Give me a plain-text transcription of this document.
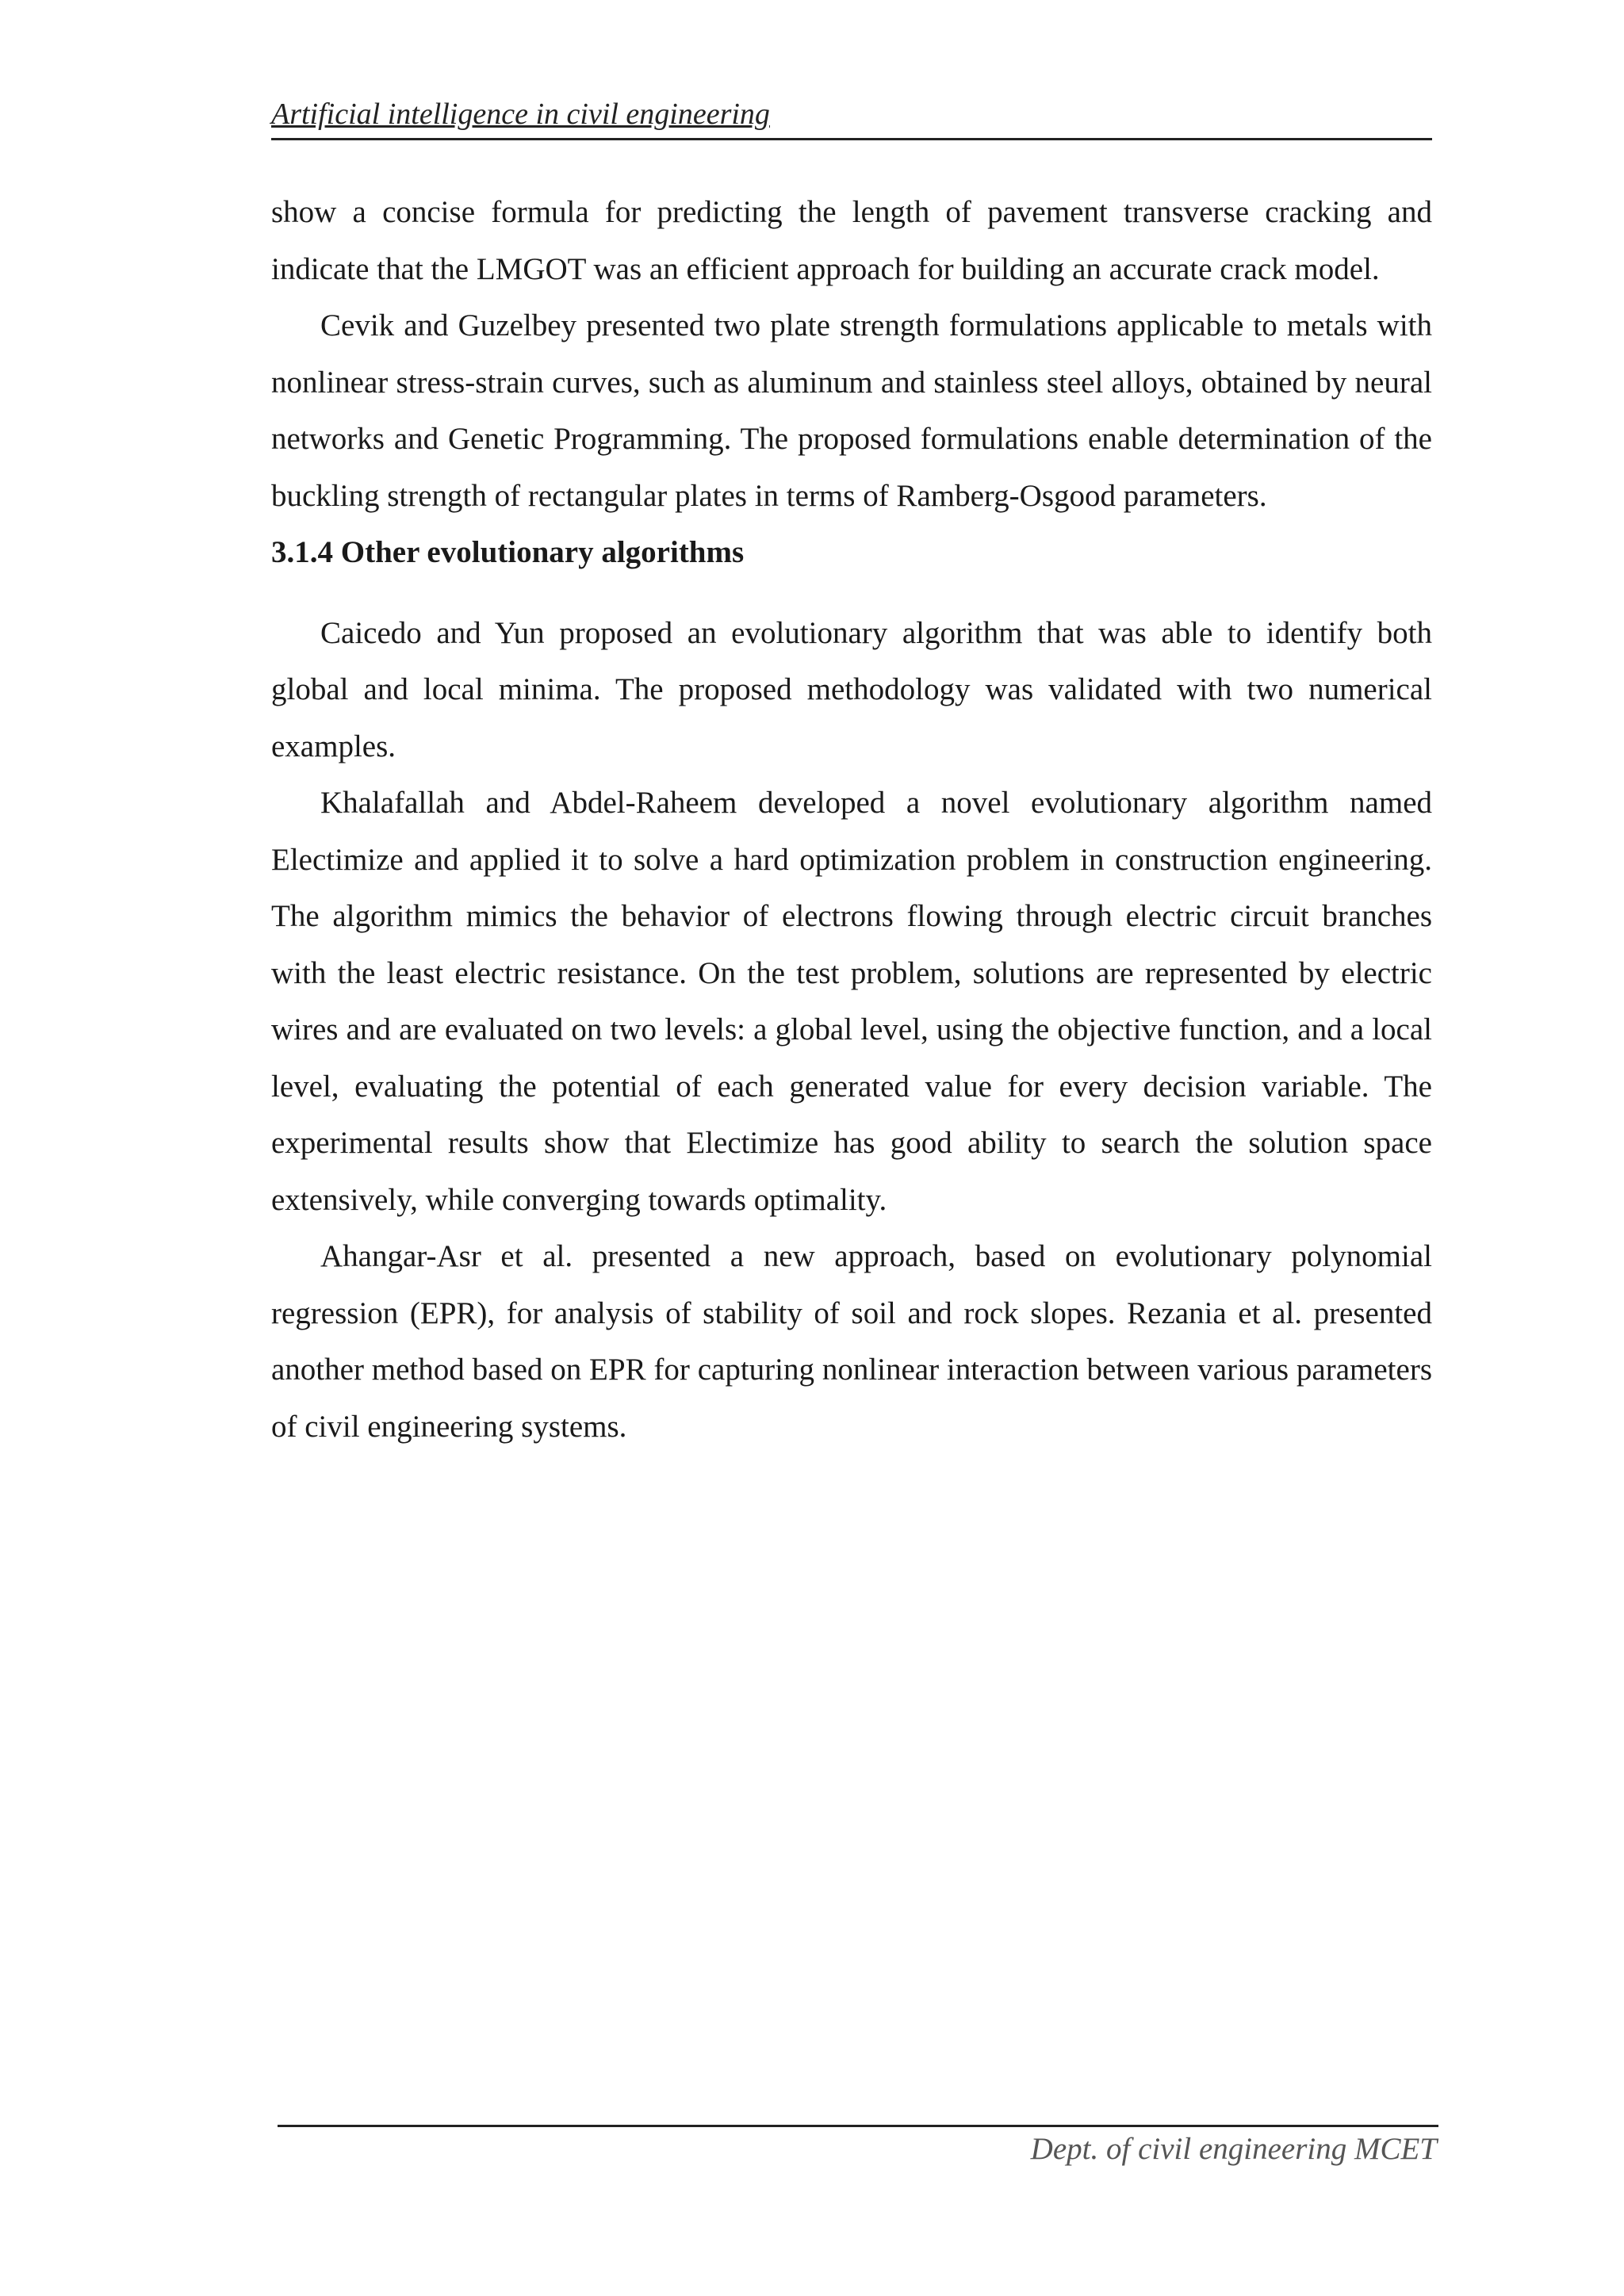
Artificial intelligence in civil engineering

show a concise formula for predicting the length of pavement transverse cracking and indicate that the LMGOT was an efficient approach for building an accurate crack model.

Cevik and Guzelbey presented two plate strength formulations applicable to metals with nonlinear stress-strain curves, such as aluminum and stainless steel alloys, obtained by neural networks and Genetic Programming. The proposed formulations enable determination of the buckling strength of rectangular plates in terms of Ramberg-Osgood parameters.

3.1.4 Other evolutionary algorithms

Caicedo and Yun proposed an evolutionary algorithm that was able to identify both global and local minima. The proposed methodology was validated with two numerical examples.

Khalafallah and Abdel-Raheem developed a novel evolutionary algorithm named Electimize and applied it to solve a hard optimization problem in construction engineering. The algorithm mimics the behavior of electrons flowing through electric circuit branches with the least electric resistance. On the test problem, solutions are represented by electric wires and are evaluated on two levels: a global level, using the objective function, and a local level, evaluating the potential of each generated value for every decision variable. The experimental results show that Electimize has good ability to search the solution space extensively, while converging towards optimality.

Ahangar-Asr et al. presented a new approach, based on evolutionary polynomial regression (EPR), for analysis of stability of soil and rock slopes. Rezania et al. presented another method based on EPR for capturing nonlinear interaction between various parameters of civil engineering systems.

Dept. of civil engineering MCET
